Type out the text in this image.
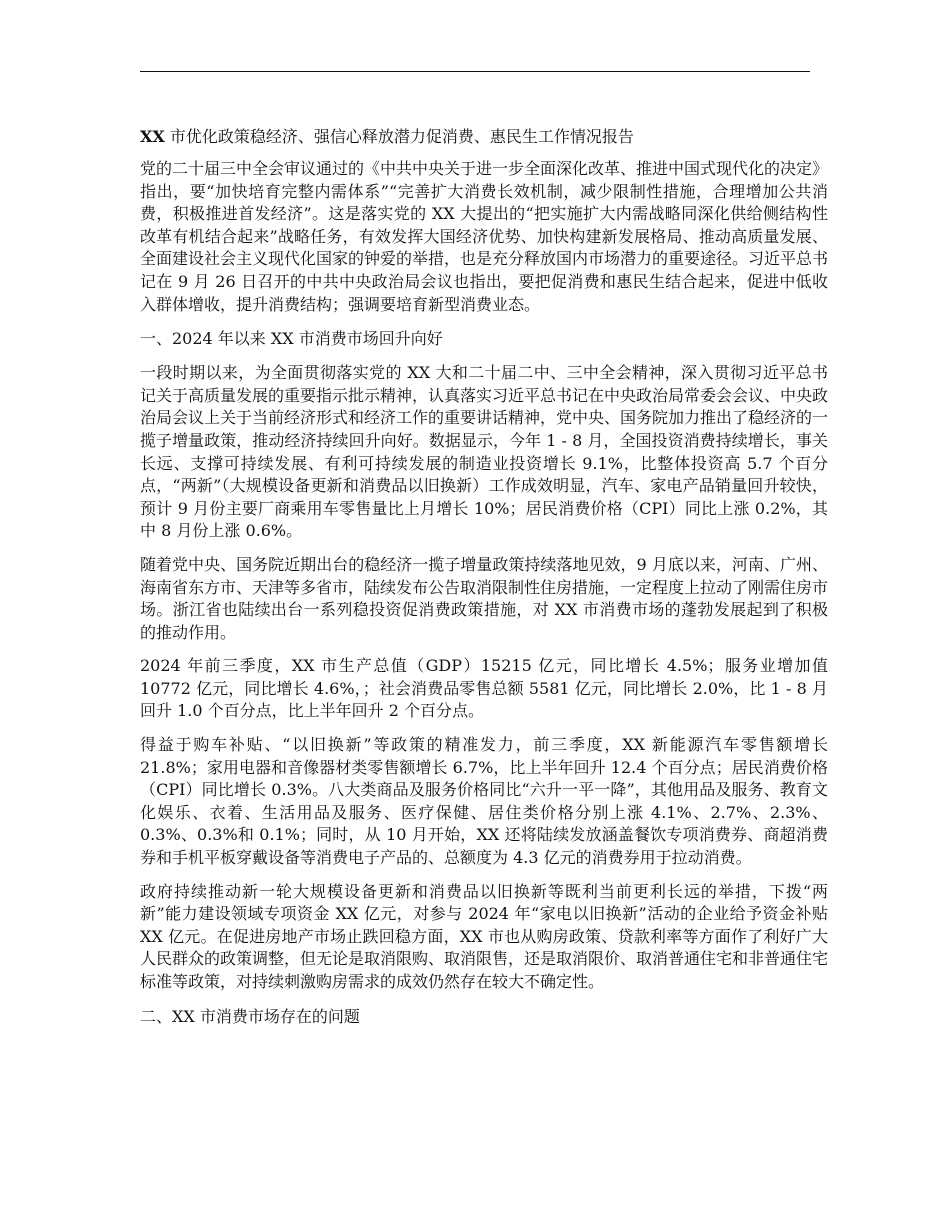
XX 市优化政策稳经济、强信心释放潜力促消费、惠民生工作情况报告

党的二十届三中全会审议通过的《中共中央关于进一步全面深化改革、推进中国式现代化的决定》指出，要“加快培育完整内需体系”“完善扩大消费长效机制，减少限制性措施，合理增加公共消费，积极推进首发经济”。这是落实党的 XX 大提出的“把实施扩大内需战略同深化供给侧结构性改革有机结合起来”战略任务，有效发挥大国经济优势、加快构建新发展格局、推动高质量发展、全面建设社会主义现代化国家的钟爱的举措，也是充分释放国内市场潜力的重要途径。习近平总书记在 9 月 26 日召开的中共中央政治局会议也指出，要把促消费和惠民生结合起来，促进中低收入群体增收，提升消费结构；强调要培育新型消费业态。

一、2024 年以来 XX 市消费市场回升向好

一段时期以来，为全面贯彻落实党的 XX 大和二十届二中、三中全会精神，深入贯彻习近平总书记关于高质量发展的重要指示批示精神，认真落实习近平总书记在中央政治局常委会会议、中央政治局会议上关于当前经济形式和经济工作的重要讲话精神，党中央、国务院加力推出了稳经济的一揽子增量政策，推动经济持续回升向好。数据显示，今年 1 - 8 月，全国投资消费持续增长，事关长远、支撑可持续发展、有利可持续发展的制造业投资增长 9.1%，比整体投资高 5.7 个百分点，“两新”（大规模设备更新和消费品以旧换新）工作成效明显，汽车、家电产品销量回升较快，预计 9 月份主要厂商乘用车零售量比上月增长 10%；居民消费价格（CPI）同比上涨 0.2%，其中 8 月份上涨 0.6%。

随着党中央、国务院近期出台的稳经济一揽子增量政策持续落地见效，9 月底以来，河南、广州、海南省东方市、天津等多省市，陆续发布公告取消限制性住房措施，一定程度上拉动了刚需住房市场。浙江省也陆续出台一系列稳投资促消费政策措施，对 XX 市消费市场的蓬勃发展起到了积极的推动作用。

2024 年前三季度，XX 市生产总值（GDP）15215 亿元，同比增长 4.5%；服务业增加值 10772 亿元，同比增长 4.6%，；社会消费品零售总额 5581 亿元，同比增长 2.0%，比 1 - 8 月回升 1.0 个百分点，比上半年回升 2 个百分点。

得益于购车补贴、“以旧换新”等政策的精准发力，前三季度，XX 新能源汽车零售额增长 21.8%；家用电器和音像器材类零售额增长 6.7%，比上半年回升 12.4 个百分点；居民消费价格（CPI）同比增长 0.3%。八大类商品及服务价格同比“六升一平一降”，其他用品及服务、教育文化娱乐、衣着、生活用品及服务、医疗保健、居住类价格分别上涨 4.1%、2.7%、2.3%、0.3%、0.3%和 0.1%；同时，从 10 月开始，XX 还将陆续发放涵盖餐饮专项消费券、商超消费券和手机平板穿戴设备等消费电子产品的、总额度为 4.3 亿元的消费券用于拉动消费。

政府持续推动新一轮大规模设备更新和消费品以旧换新等既利当前更利长远的举措，下拨“两新”能力建设领域专项资金 XX 亿元，对参与 2024 年“家电以旧换新”活动的企业给予资金补贴 XX 亿元。在促进房地产市场止跌回稳方面，XX 市也从购房政策、贷款利率等方面作了利好广大人民群众的政策调整，但无论是取消限购、取消限售，还是取消限价、取消普通住宅和非普通住宅标准等政策，对持续刺激购房需求的成效仍然存在较大不确定性。

二、XX 市消费市场存在的问题
